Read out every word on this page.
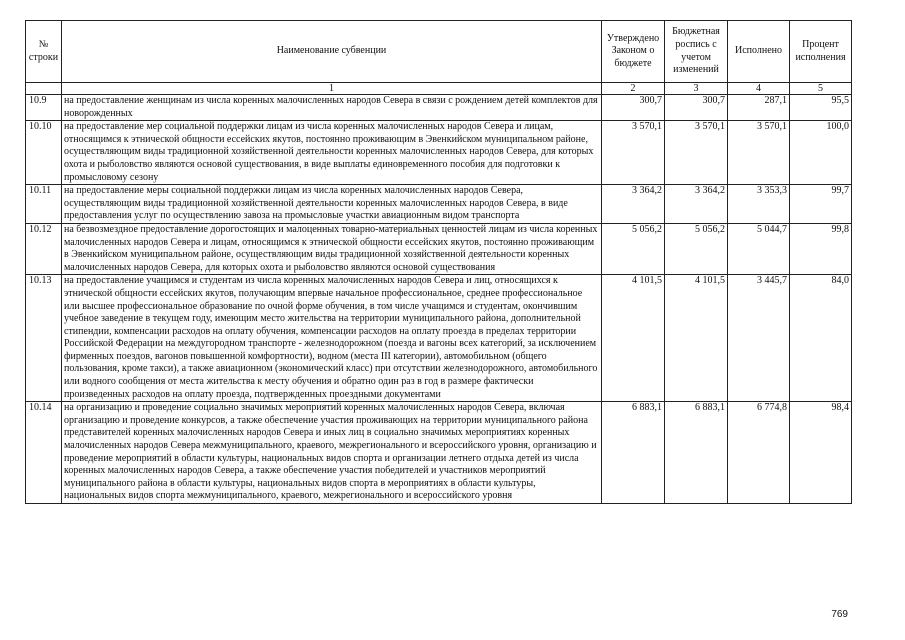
№ строки	Наименование субвенции	Утверждено Законом о бюджете	Бюджетная роспись с учетом изменений	Исполнено	Процент исполнения
	1	2	3	4	5
10.9	на предоставление женщинам из числа коренных малочисленных народов Севера в связи с рождением детей комплектов для новорожденных	300,7	300,7	287,1	95,5
10.10	на предоставление мер социальной поддержки лицам из числа коренных малочисленных народов Севера и лицам, относящимся к этнической общности ессейских якутов, постоянно проживающим в Эвенкийском муниципальном районе, осуществляющим виды традиционной хозяйственной деятельности коренных малочисленных народов Севера, для которых охота и рыболовство являются основой существования, в виде выплаты единовременного пособия для подготовки к промысловому сезону	3 570,1	3 570,1	3 570,1	100,0
10.11	на предоставление меры социальной поддержки лицам из числа коренных малочисленных народов Севера, осуществляющим виды традиционной хозяйственной деятельности коренных малочисленных народов Севера, в виде предоставления услуг по осуществлению завоза на промысловые участки авиационным видом транспорта	3 364,2	3 364,2	3 353,3	99,7
10.12	на безвозмездное предоставление дорогостоящих и малоценных товарно-материальных ценностей лицам из числа коренных малочисленных народов Севера и лицам, относящимся к этнической общности ессейских якутов, постоянно проживающим в Эвенкийском муниципальном районе, осуществляющим виды традиционной хозяйственной деятельности коренных малочисленных народов Севера, для которых охота и рыболовство являются основой существования	5 056,2	5 056,2	5 044,7	99,8
10.13	на предоставление учащимся и студентам из числа коренных малочисленных народов Севера и лиц, относящихся к этнической общности ессейских якутов, получающим впервые начальное профессиональное, среднее профессиональное или высшее профессиональное образование по очной форме обучения, в том числе учащимся и студентам, окончившим учебное заведение в текущем году, имеющим место жительства на территории муниципального района, дополнительной стипендии, компенсации расходов на оплату обучения, компенсации расходов на оплату проезда в пределах территории Российской Федерации на междугородном транспорте - железнодорожном (поезда и вагоны всех категорий, за исключением фирменных поездов, вагонов повышенной комфортности), водном (места III категории), автомобильном (общего пользования, кроме такси), а также авиационном (экономический класс) при отсутствии железнодорожного, автомобильного или водного сообщения от места жительства к месту обучения и обратно один раз в год в размере фактически произведенных расходов на оплату проезда, подтвержденных проездными документами	4 101,5	4 101,5	3 445,7	84,0
10.14	на организацию и проведение социально значимых мероприятий коренных малочисленных народов Севера, включая организацию и проведение конкурсов, а также обеспечение участия проживающих на территории муниципального района представителей коренных малочисленных народов Севера и иных лиц в социально значимых мероприятиях коренных малочисленных народов Севера межмуниципального, краевого, межрегионального и всероссийского уровня, организацию и проведение мероприятий в области культуры, национальных видов спорта и организации летнего отдыха детей из числа коренных малочисленных народов Севера, а также обеспечение участия победителей и участников мероприятий муниципального района в области культуры, национальных видов спорта в мероприятиях в области культуры, национальных видов спорта межмуниципального, краевого, межрегионального и всероссийского уровня	6 883,1	6 883,1	6 774,8	98,4
769
